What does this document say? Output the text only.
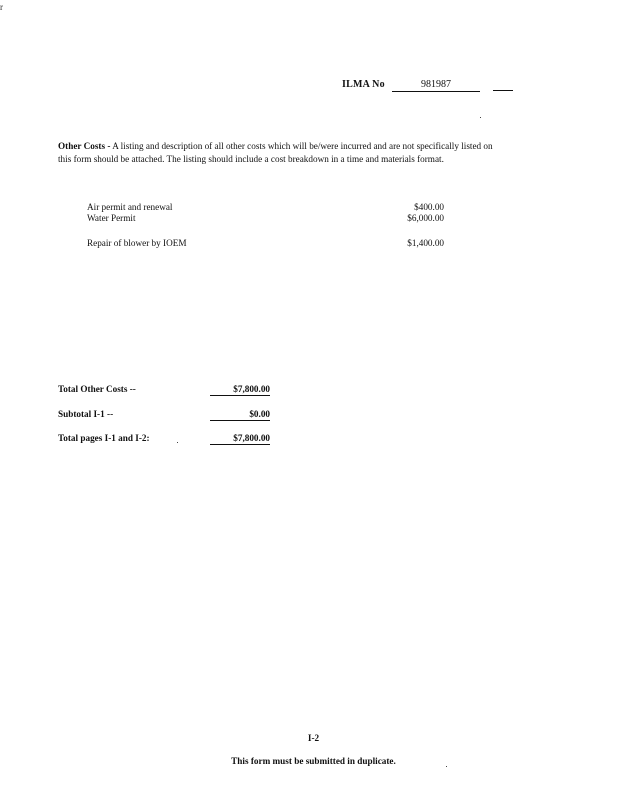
r
ILMA No	981987
Other Costs - A listing and description of all other costs which will be/were incurred and are not specifically listed on this form should be attached. The listing should include a cost breakdown in a time and materials format.
Air permit and renewal	$400.00
Water Permit	$6,000.00
Repair of blower by IOEM	$1,400.00
Total Other Costs --	$7,800.00
Subtotal I-1 --	$0.00
Total pages I-1 and I-2:	$7,800.00
I-2
This form must be submitted in duplicate.
